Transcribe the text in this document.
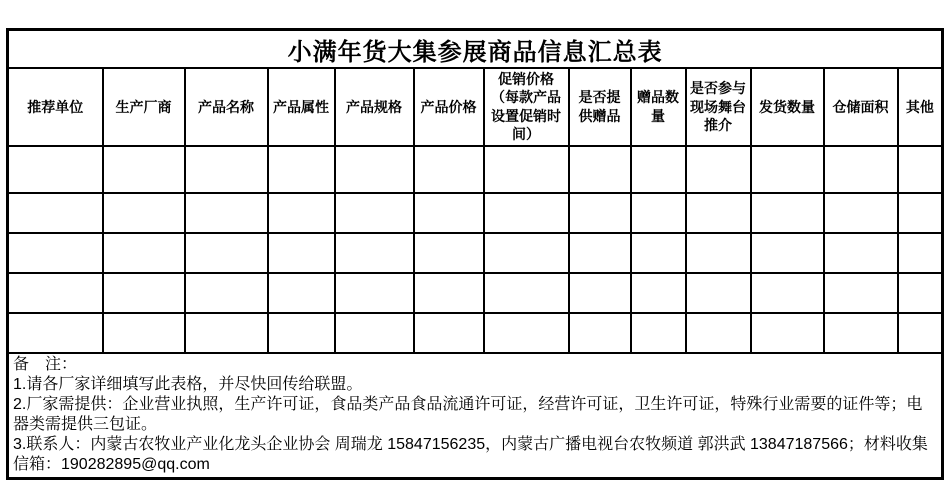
小满年货大集参展商品信息汇总表												
推荐单位	生产厂商	产品名称	产品属性	产品规格	产品价格	促销价格（每款产品设置促销时间）	是否提供赠品	赠品数量	是否参与现场舞台推介	发货数量	仓储面积	其他

备　注：
1.请各厂家详细填写此表格，并尽快回传给联盟。
2.厂家需提供：企业营业执照，生产许可证，食品类产品食品流通许可证，经营许可证，卫生许可证，特殊行业需要的证件等；电器类需提供三包证。
3.联系人：内蒙古农牧业产业化龙头企业协会 周瑞龙 15847156235，内蒙古广播电视台农牧频道 郭洪武 13847187566；材料收集信箱：190282895@qq.com												
